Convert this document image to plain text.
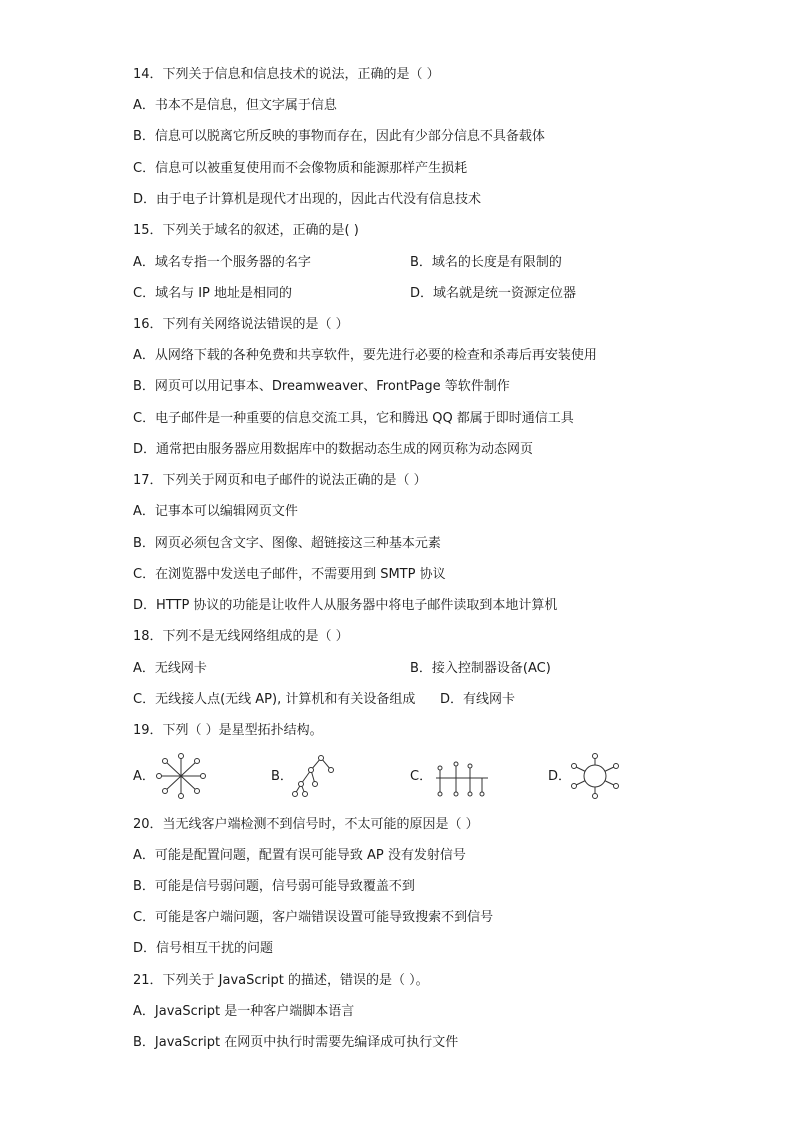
14．下列关于信息和信息技术的说法，正确的是（ ）
A．书本不是信息，但文字属于信息
B．信息可以脱离它所反映的事物而存在，因此有少部分信息不具备载体
C．信息可以被重复使用而不会像物质和能源那样产生损耗
D．由于电子计算机是现代才出现的，因此古代没有信息技术
15．下列关于域名的叙述，正确的是( )
A．域名专指一个服务器的名字	B．域名的长度是有限制的
C．域名与 IP 地址是相同的	D．域名就是统一资源定位器
16．下列有关网络说法错误的是（ ）
A．从网络下载的各种免费和共享软件，要先进行必要的检查和杀毒后再安装使用
B．网页可以用记事本、Dreamweaver、FrontPage 等软件制作
C．电子邮件是一种重要的信息交流工具，它和腾迅 QQ 都属于即时通信工具
D．通常把由服务器应用数据库中的数据动态生成的网页称为动态网页
17．下列关于网页和电子邮件的说法正确的是（ ）
A．记事本可以编辑网页文件
B．网页必须包含文字、图像、超链接这三种基本元素
C．在浏览器中发送电子邮件，不需要用到 SMTP 协议
D．HTTP 协议的功能是让收件人从服务器中将电子邮件读取到本地计算机
18．下列不是无线网络组成的是（ ）
A．无线网卡	B．接入控制器设备(AC)
C．无线接人点(无线 AP), 计算机和有关设备组成 D．有线网卡
19．下列（ ）是星型拓扑结构。
A．	B．	C．	D．
20．当无线客户端检测不到信号时，不太可能的原因是（ ）
A．可能是配置问题，配置有误可能导致 AP 没有发射信号
B．可能是信号弱问题，信号弱可能导致覆盖不到
C．可能是客户端问题，客户端错误设置可能导致搜索不到信号
D．信号相互干扰的问题
21．下列关于 JavaScript 的描述，错误的是（ ）。
A．JavaScript 是一种客户端脚本语言
B．JavaScript 在网页中执行时需要先编译成可执行文件
